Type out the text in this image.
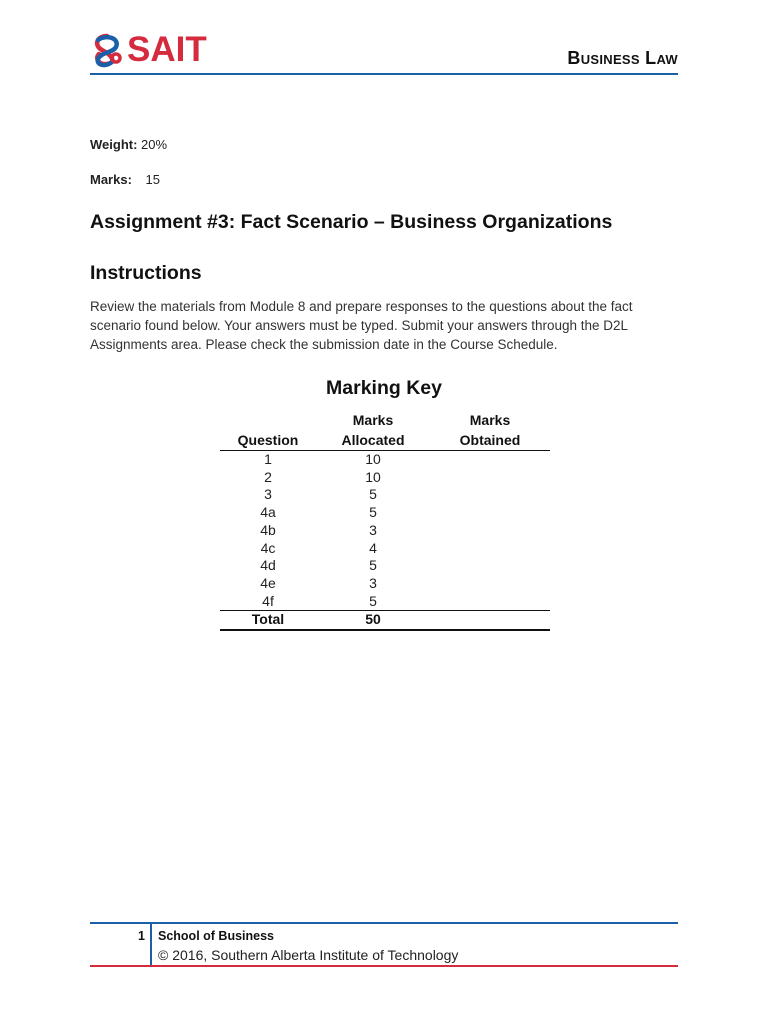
SAIT	Business Law
Weight: 20%
Marks: 15
Assignment #3: Fact Scenario – Business Organizations
Instructions
Review the materials from Module 8 and prepare responses to the questions about the fact scenario found below. Your answers must be typed. Submit your answers through the D2L Assignments area. Please check the submission date in the Course Schedule.
Marking Key
	Marks	Marks
Question	Allocated	Obtained
1	10	
2	10	
3	5	
4a	5	
4b	3	
4c	4	
4d	5	
4e	3	
4f	5	
Total	50	
1 School of Business
© 2016, Southern Alberta Institute of Technology
